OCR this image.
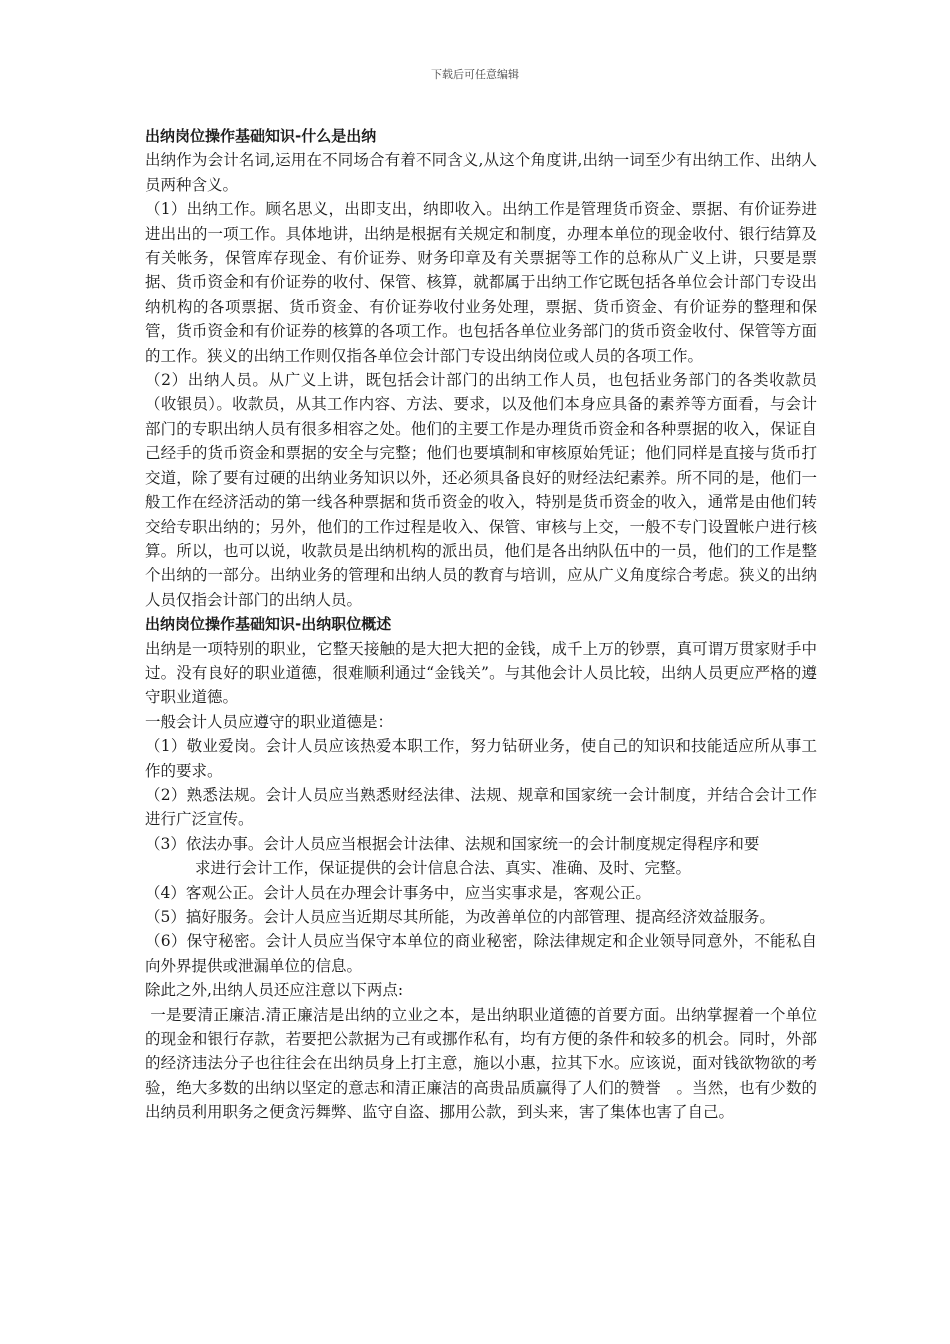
下载后可任意编辑

出纳岗位操作基础知识-什么是出纳

出纳作为会计名词,运用在不同场合有着不同含义,从这个角度讲,出纳一词至少有出纳工作、出纳人员两种含义。

（1）出纳工作。顾名思义，出即支出，纳即收入。出纳工作是管理货币资金、票据、有价证券进进出出的一项工作。具体地讲，出纳是根据有关规定和制度，办理本单位的现金收付、银行结算及有关帐务，保管库存现金、有价证券、财务印章及有关票据等工作的总称从广义上讲，只要是票据、货币资金和有价证券的收付、保管、核算，就都属于出纳工作它既包括各单位会计部门专设出纳机构的各项票据、货币资金、有价证券收付业务处理，票据、货币资金、有价证券的整理和保管，货币资金和有价证券的核算的各项工作。也包括各单位业务部门的货币资金收付、保管等方面的工作。狭义的出纳工作则仅指各单位会计部门专设出纳岗位或人员的各项工作。

（2）出纳人员。从广义上讲，既包括会计部门的出纳工作人员，也包括业务部门的各类收款员（收银员）。收款员，从其工作内容、方法、要求，以及他们本身应具备的素养等方面看，与会计部门的专职出纳人员有很多相容之处。他们的主要工作是办理货币资金和各种票据的收入，保证自己经手的货币资金和票据的安全与完整；他们也要填制和审核原始凭证；他们同样是直接与货币打交道，除了要有过硬的出纳业务知识以外，还必须具备良好的财经法纪素养。所不同的是，他们一般工作在经济活动的第一线各种票据和货币资金的收入，特别是货币资金的收入，通常是由他们转交给专职出纳的；另外，他们的工作过程是收入、保管、审核与上交，一般不专门设置帐户进行核算。所以，也可以说，收款员是出纳机构的派出员，他们是各出纳队伍中的一员，他们的工作是整个出纳的一部分。出纳业务的管理和出纳人员的教育与培训，应从广义角度综合考虑。狭义的出纳人员仅指会计部门的出纳人员。

出纳岗位操作基础知识-出纳职位概述

出纳是一项特别的职业，它整天接触的是大把大把的金钱，成千上万的钞票，真可谓万贯家财手中过。没有良好的职业道德，很难顺利通过“金钱关”。与其他会计人员比较，出纳人员更应严格的遵守职业道德。

一般会计人员应遵守的职业道德是：

（1）敬业爱岗。会计人员应该热爱本职工作，努力钻研业务，使自己的知识和技能适应所从事工作的要求。

（2）熟悉法规。会计人员应当熟悉财经法律、法规、规章和国家统一会计制度，并结合会计工作进行广泛宣传。

（3）依法办事。会计人员应当根据会计法律、法规和国家统一的会计制度规定得程序和要

求进行会计工作，保证提供的会计信息合法、真实、准确、及时、完整。

（4）客观公正。会计人员在办理会计事务中，应当实事求是，客观公正。

（5）搞好服务。会计人员应当近期尽其所能，为改善单位的内部管理、提高经济效益服务。

（6）保守秘密。会计人员应当保守本单位的商业秘密，除法律规定和企业领导同意外，不能私自向外界提供或泄漏单位的信息。

除此之外,出纳人员还应注意以下两点:

一是要清正廉洁.清正廉洁是出纳的立业之本，是出纳职业道德的首要方面。出纳掌握着一个单位的现金和银行存款，若要把公款据为己有或挪作私有，均有方便的条件和较多的机会。同时，外部的经济违法分子也往往会在出纳员身上打主意，施以小惠，拉其下水。应该说，面对钱欲物欲的考验，绝大多数的出纳以坚定的意志和清正廉洁的高贵品质赢得了人们的赞誉　。当然，也有少数的出纳员利用职务之便贪污舞弊、监守自盗、挪用公款，到头来，害了集体也害了自己。
